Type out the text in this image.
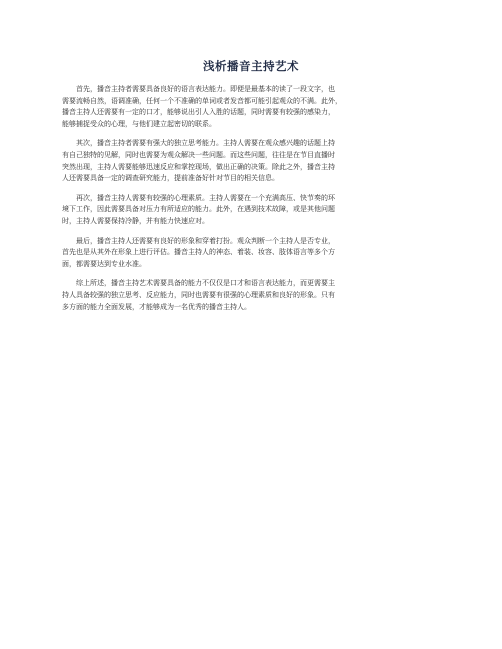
浅析播音主持艺术

　　首先，播音主持者需要具备良好的语言表达能力。即便是最基本的读了一段文字，也
需要流畅自然，语调准确，任何一个不准确的单词或者发音都可能引起观众的不满。此外，
播音主持人还需要有一定的口才，能够说出引人入胜的话题，同时需要有较强的感染力，
能够捕捉受众的心理，与他们建立起密切的联系。

　　其次，播音主持者需要有强大的独立思考能力。主持人需要在观众感兴趣的话题上持
有自己独特的见解，同时也需要为观众解决一些问题。而这些问题，往往是在节目直播时
突然出现，主持人需要能够迅速反应和掌控现场，做出正确的决策。除此之外，播音主持
人还需要具备一定的调查研究能力，提前准备好针对节目的相关信息。

　　再次，播音主持人需要有较强的心理素质。主持人需要在一个充满高压、快节奏的环
境下工作，因此需要具备对压力有所适应的能力。此外，在遇到技术故障，或是其他问题
时，主持人需要保持冷静，并有能力快速应对。

　　最后，播音主持人还需要有良好的形象和穿着打扮。观众判断一个主持人是否专业，
首先也是从其外在形象上进行评估。播音主持人的神态、着装、妆容、肢体语言等多个方
面，都需要达到专业水准。

　　综上所述，播音主持艺术需要具备的能力不仅仅是口才和语言表达能力，而更需要主
持人具备较强的独立思考、反应能力，同时也需要有很强的心理素质和良好的形象。只有
多方面的能力全面发展，才能够成为一名优秀的播音主持人。
